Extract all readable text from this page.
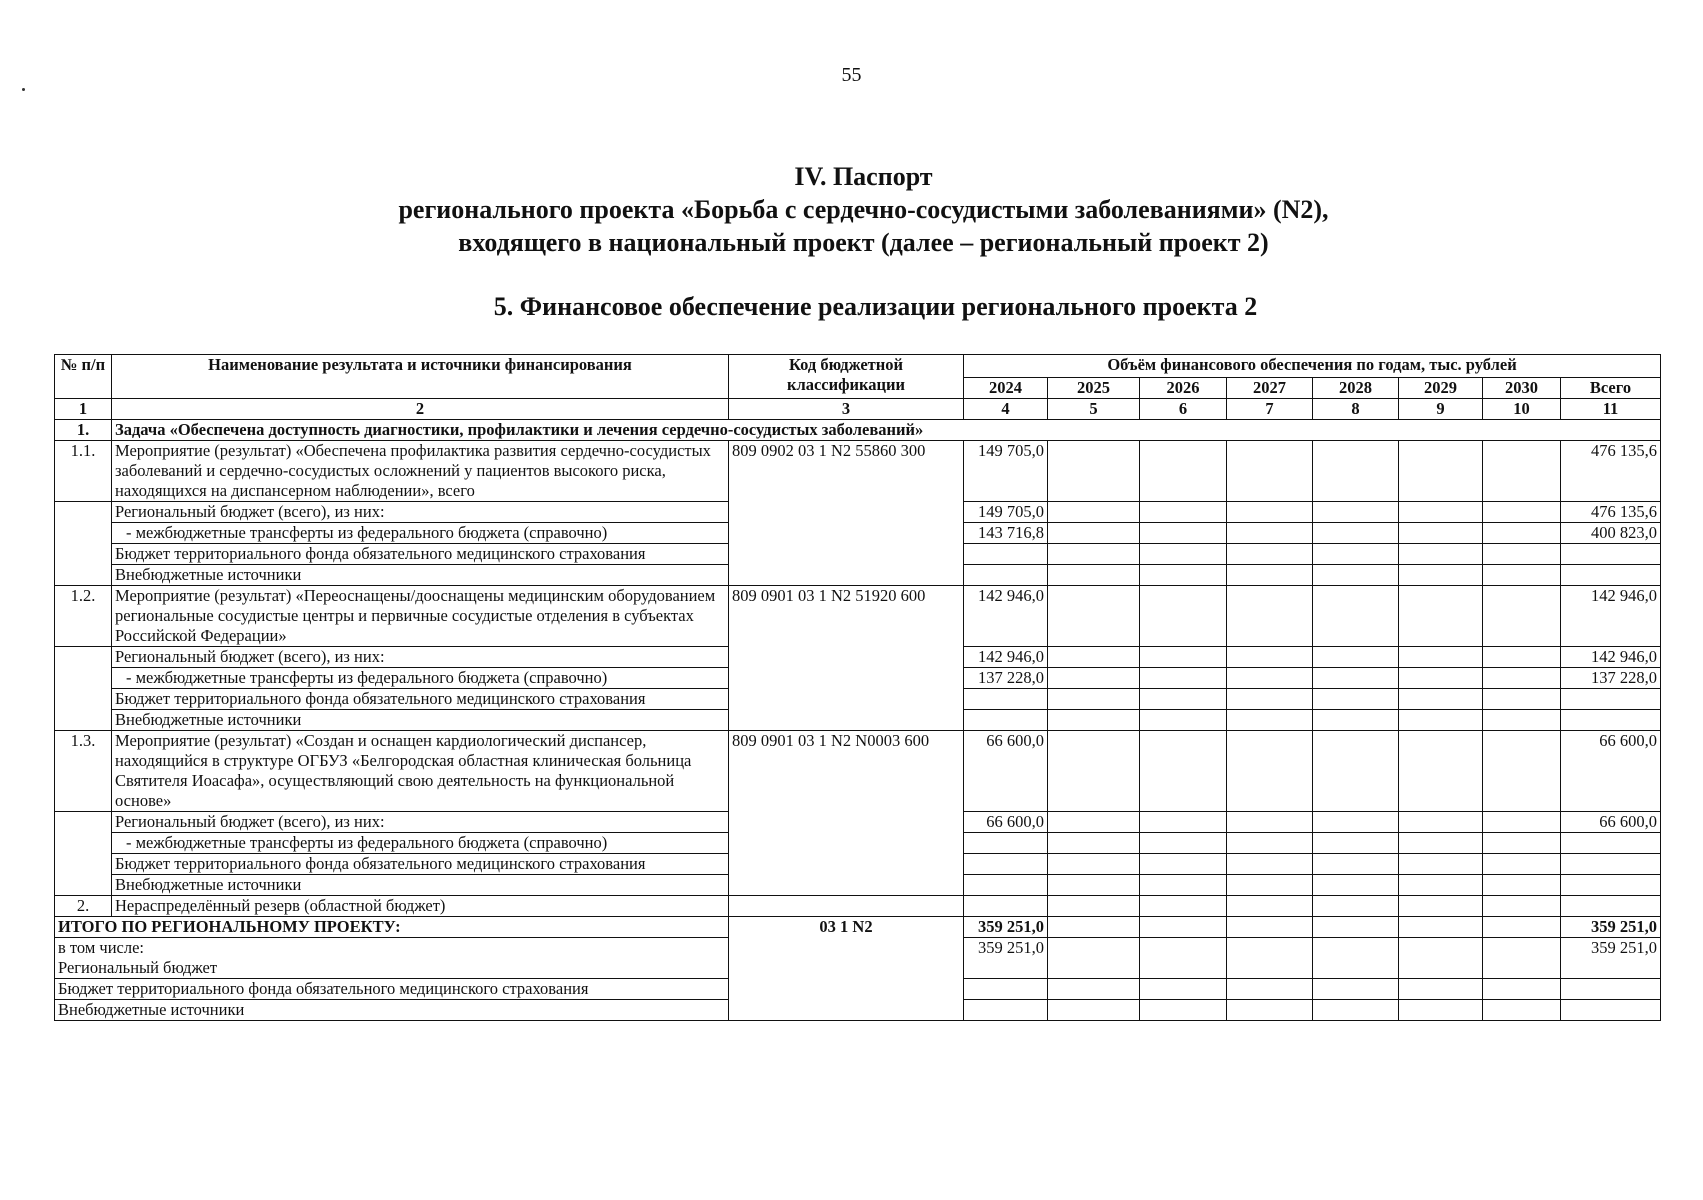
55
IV. Паспорт
регионального проекта «Борьба с сердечно-сосудистыми заболеваниями» (N2),
входящего в национальный проект (далее – региональный проект 2)
5. Финансовое обеспечение реализации регионального проекта 2
№ п/п	Наименование результата и источники финансирования	Код бюджетной классификации	Объём финансового обеспечения по годам, тыс. рублей							
			2024	2025	2026	2027	2028	2029	2030	Всего
1	2	3	4	5	6	7	8	9	10	11
1.	Задача «Обеспечена доступность диагностики, профилактики и лечения сердечно-сосудистых заболеваний»									
1.1.	Мероприятие (результат) «Обеспечена профилактика развития сердечно-сосудистых заболеваний и сердечно-сосудистых осложнений у пациентов высокого риска, находящихся на диспансерном наблюдении», всего	809 0902 03 1 N2 55860 300	149 705,0							476 135,6
	Региональный бюджет (всего), из них:		149 705,0							476 135,6
	- межбюджетные трансферты из федерального бюджета (справочно)		143 716,8							400 823,0
	Бюджет территориального фонда обязательного медицинского страхования									
	Внебюджетные источники									
1.2.	Мероприятие (результат) «Переоснащены/дооснащены медицинским оборудованием региональные сосудистые центры и первичные сосудистые отделения в субъектах Российской Федерации»	809 0901 03 1 N2 51920 600	142 946,0							142 946,0
	Региональный бюджет (всего), из них:		142 946,0							142 946,0
	- межбюджетные трансферты из федерального бюджета (справочно)		137 228,0							137 228,0
	Бюджет территориального фонда обязательного медицинского страхования									
	Внебюджетные источники									
1.3.	Мероприятие (результат) «Создан и оснащен кардиологический диспансер, находящийся в структуре ОГБУЗ «Белгородская областная клиническая больница Святителя Иоасафа», осуществляющий свою деятельность на функциональной основе»	809 0901 03 1 N2 N0003 600	66 600,0							66 600,0
	Региональный бюджет (всего), из них:		66 600,0							66 600,0
	- межбюджетные трансферты из федерального бюджета (справочно)									
	Бюджет территориального фонда обязательного медицинского страхования									
	Внебюджетные источники									
2.	Нераспределённый резерв (областной бюджет)									
ИТОГО ПО РЕГИОНАЛЬНОМУ ПРОЕКТУ:		03 1 N2	359 251,0							359 251,0
в том числе:
Региональный бюджет			359 251,0							359 251,0
Бюджет территориального фонда обязательного медицинского страхования										
Внебюджетные источники										
